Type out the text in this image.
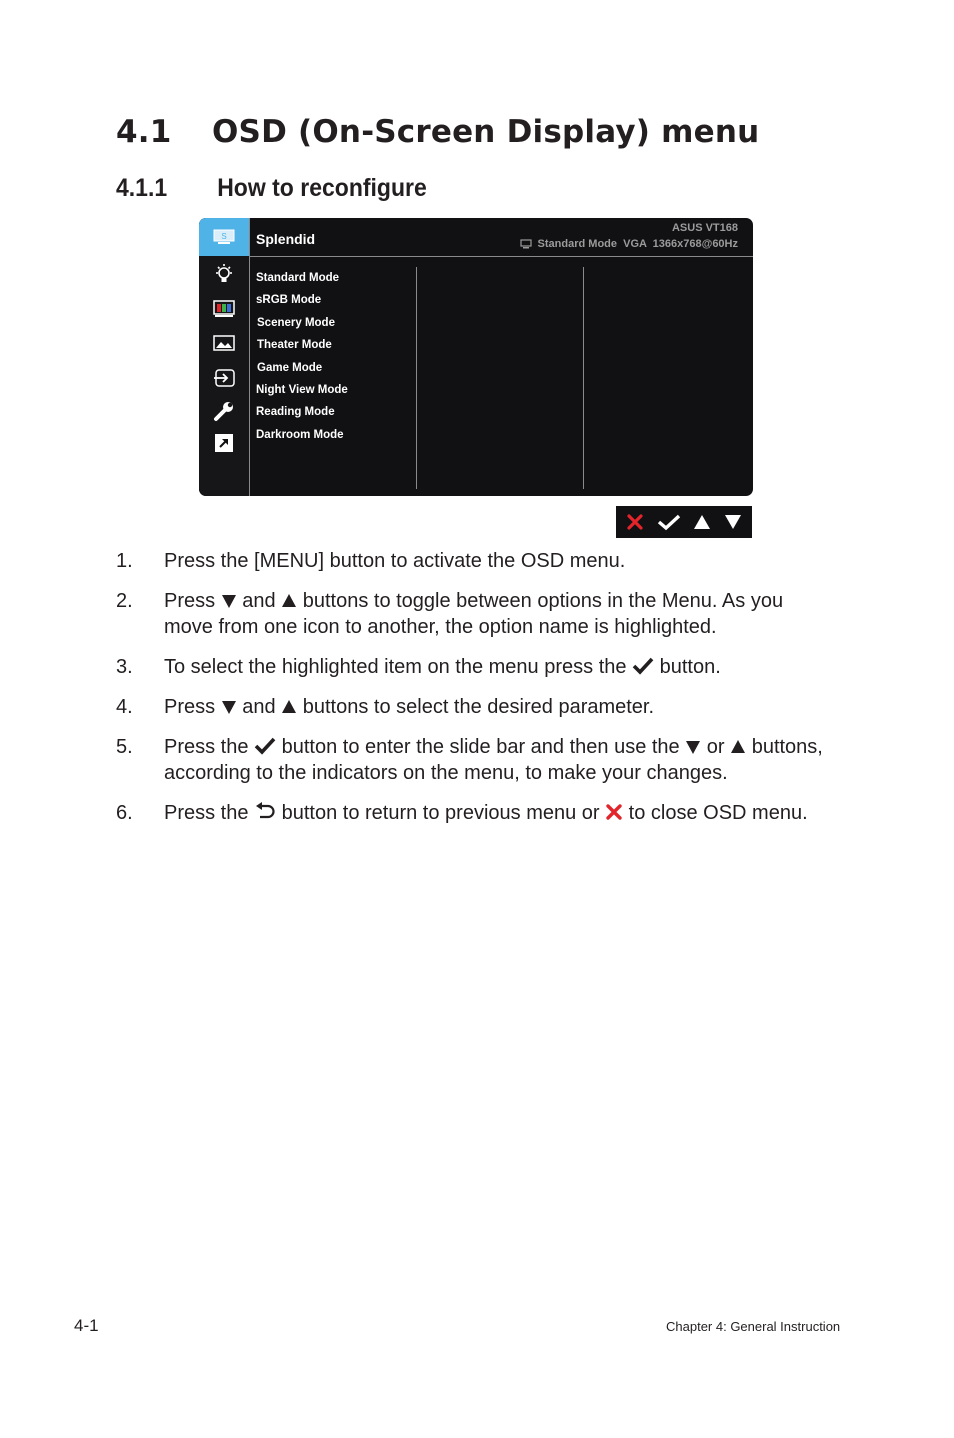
4.1 OSD (On-Screen Display) menu
4.1.1 How to reconfigure
S Splendid
ASUS VT168
Standard Mode  VGA  1366x768@60Hz
Standard Mode
sRGB Mode
Scenery Mode
Theater Mode
Game Mode
Night View Mode
Reading Mode
Darkroom Mode
1. Press the [MENU] button to activate the OSD menu.
2. Press  and  buttons to toggle between options in the Menu. As you move from one icon to another, the option name is highlighted.
3. To select the highlighted item on the menu press the  button.
4. Press  and  buttons to select the desired parameter.
5. Press the  button to enter the slide bar and then use the  or  buttons, according to the indicators on the menu, to make your changes.
6. Press the  button to return to previous menu or  to close OSD menu.
4-1	Chapter 4: General Instruction
